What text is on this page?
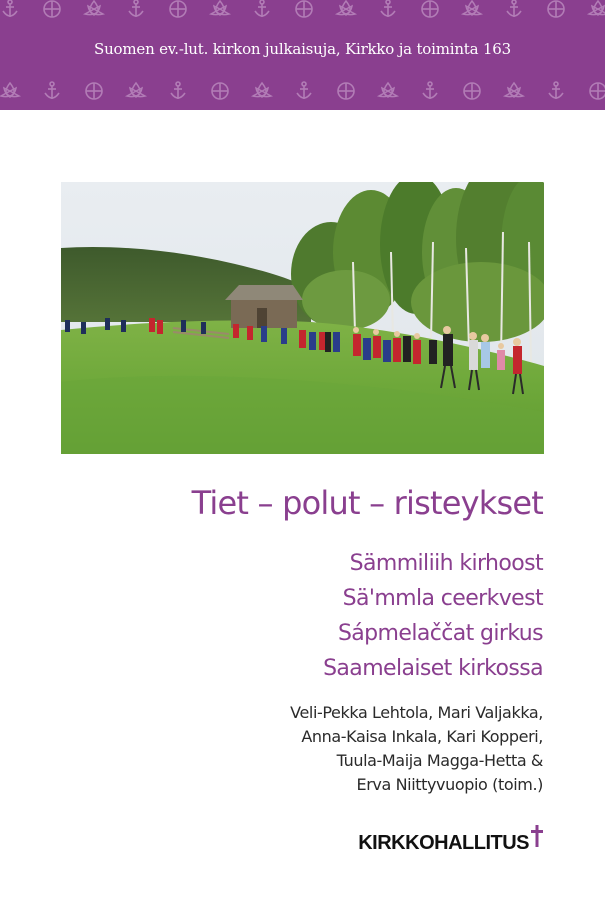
Suomen ev.-lut. kirkon julkaisuja, Kirkko ja toiminta 163
Tiet – polut – risteykset
Sämmiliih kirhoost
Sä'mmla ceerkvest
Sápmelaččat girkus
Saamelaiset kirkossa
Veli-Pekka Lehtola, Mari Valjakka,
Anna-Kaisa Inkala, Kari Kopperi,
Tuula-Maija Magga-Hetta &
Erva Niittyvuopio (toim.)
KIRKKOHALLITUS
